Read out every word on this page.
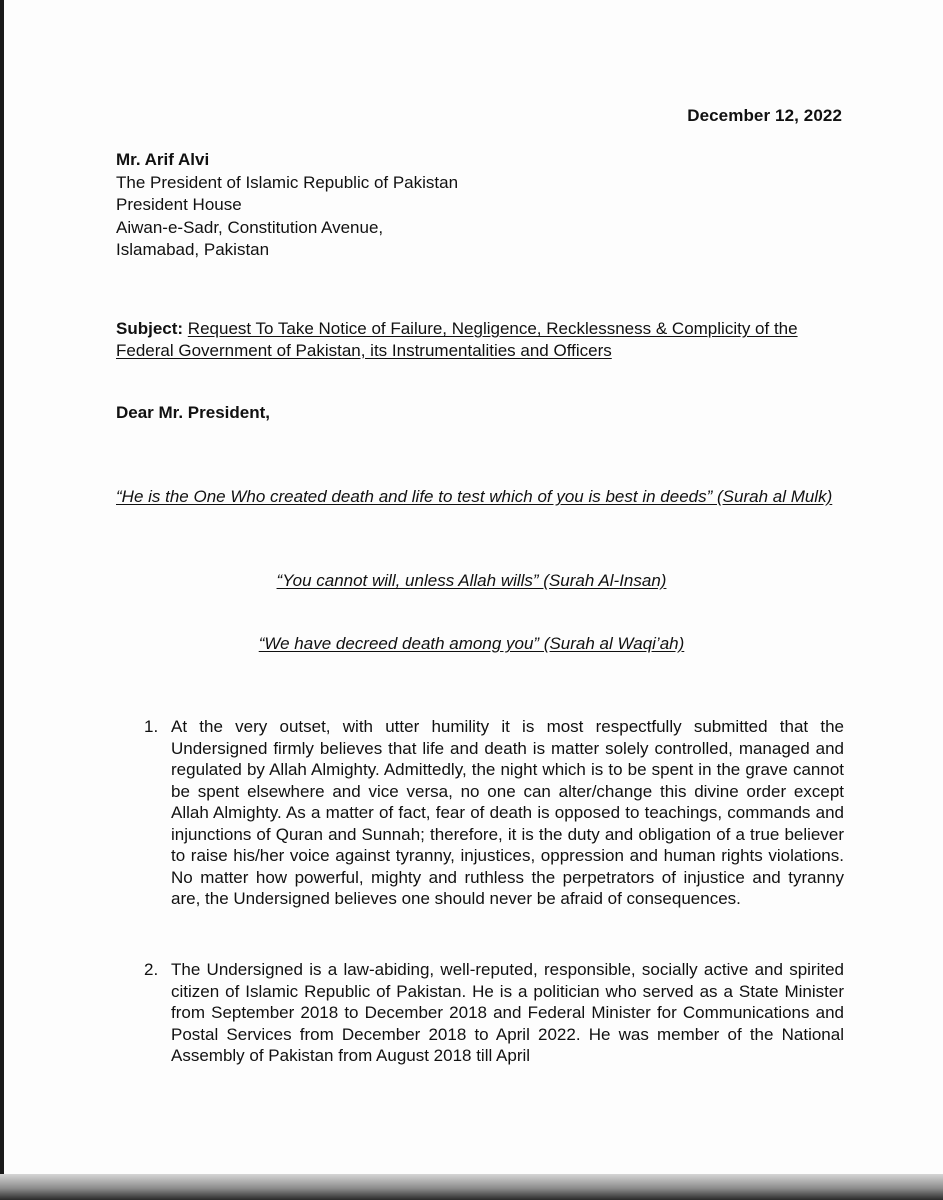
December 12, 2022

Mr. Arif Alvi
The President of Islamic Republic of Pakistan
President House
Aiwan-e-Sadr, Constitution Avenue,
Islamabad, Pakistan

Subject: Request To Take Notice of Failure, Negligence, Recklessness & Complicity of the Federal Government of Pakistan, its Instrumentalities and Officers

Dear Mr. President,

“He is the One Who created death and life to test which of you is best in deeds” (Surah al Mulk)

“You cannot will, unless Allah wills” (Surah Al-Insan)

“We have decreed death among you” (Surah al Waqi’ah)

1. At the very outset, with utter humility it is most respectfully submitted that the Undersigned firmly believes that life and death is matter solely controlled, managed and regulated by Allah Almighty. Admittedly, the night which is to be spent in the grave cannot be spent elsewhere and vice versa, no one can alter/change this divine order except Allah Almighty. As a matter of fact, fear of death is opposed to teachings, commands and injunctions of Quran and Sunnah; therefore, it is the duty and obligation of a true believer to raise his/her voice against tyranny, injustices, oppression and human rights violations. No matter how powerful, mighty and ruthless the perpetrators of injustice and tyranny are, the Undersigned believes one should never be afraid of consequences.
2. The Undersigned is a law-abiding, well-reputed, responsible, socially active and spirited citizen of Islamic Republic of Pakistan. He is a politician who served as a State Minister from September 2018 to December 2018 and Federal Minister for Communications and Postal Services from December 2018 to April 2022. He was member of the National Assembly of Pakistan from August 2018 till April
